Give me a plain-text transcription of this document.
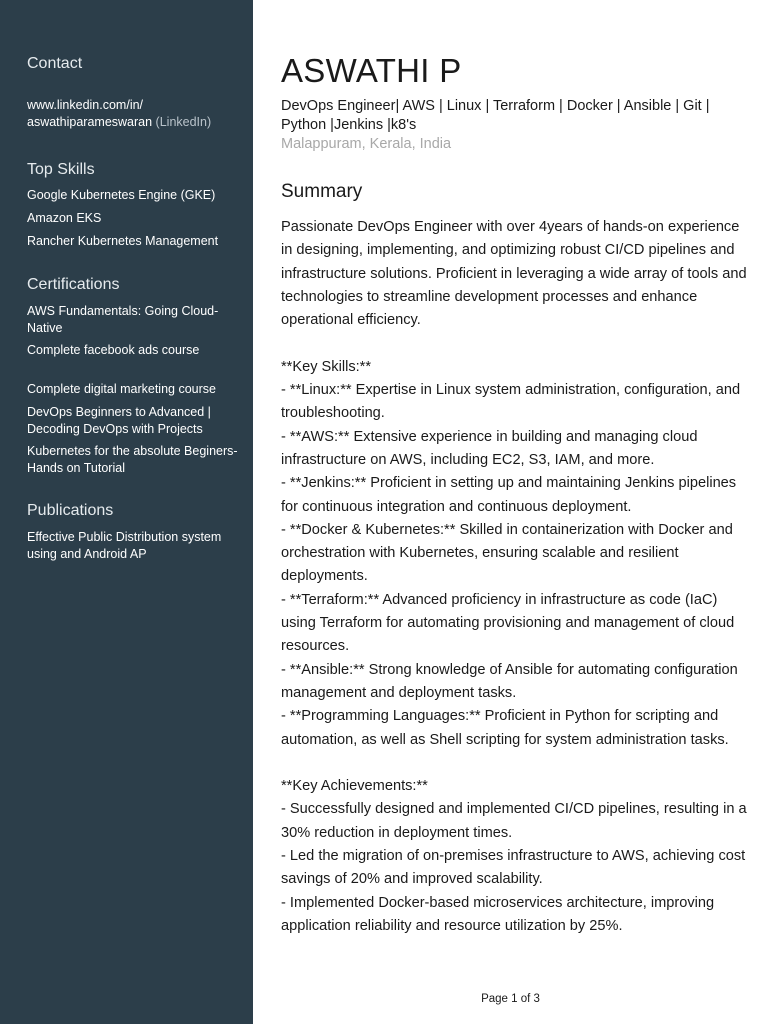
Contact
www.linkedin.com/in/
aswathiparameswaran (LinkedIn)
Top Skills
Google Kubernetes Engine (GKE)
Amazon EKS
Rancher Kubernetes Management
Certifications
AWS Fundamentals: Going Cloud-Native
Complete facebook ads course
Complete digital marketing course
DevOps Beginners to Advanced | Decoding DevOps with Projects
Kubernetes for the absolute Beginers-Hands on Tutorial
Publications
Effective Public Distribution system using and Android AP
ASWATHI P
DevOps Engineer| AWS | Linux | Terraform | Docker | Ansible | Git | Python |Jenkins |k8's
Malappuram, Kerala, India
Summary

Passionate DevOps Engineer with over 4years of hands-on experience in designing, implementing, and optimizing robust CI/CD pipelines and infrastructure solutions. Proficient in leveraging a wide array of tools and technologies to streamline development processes and enhance operational efficiency.

**Key Skills:**

- **Linux:** Expertise in Linux system administration, configuration, and troubleshooting.

- **AWS:** Extensive experience in building and managing cloud infrastructure on AWS, including EC2, S3, IAM, and more.

- **Jenkins:** Proficient in setting up and maintaining Jenkins pipelines for continuous integration and continuous deployment.

- **Docker & Kubernetes:** Skilled in containerization with Docker and orchestration with Kubernetes, ensuring scalable and resilient deployments.

- **Terraform:** Advanced proficiency in infrastructure as code (IaC) using Terraform for automating provisioning and management of cloud resources.

- **Ansible:** Strong knowledge of Ansible for automating configuration management and deployment tasks.

- **Programming Languages:** Proficient in Python for scripting and automation, as well as Shell scripting for system administration tasks.

**Key Achievements:**

- Successfully designed and implemented CI/CD pipelines, resulting in a 30% reduction in deployment times.

- Led the migration of on-premises infrastructure to AWS, achieving cost savings of 20% and improved scalability.

- Implemented Docker-based microservices architecture, improving application reliability and resource utilization by 25%.

Page 1 of 3
